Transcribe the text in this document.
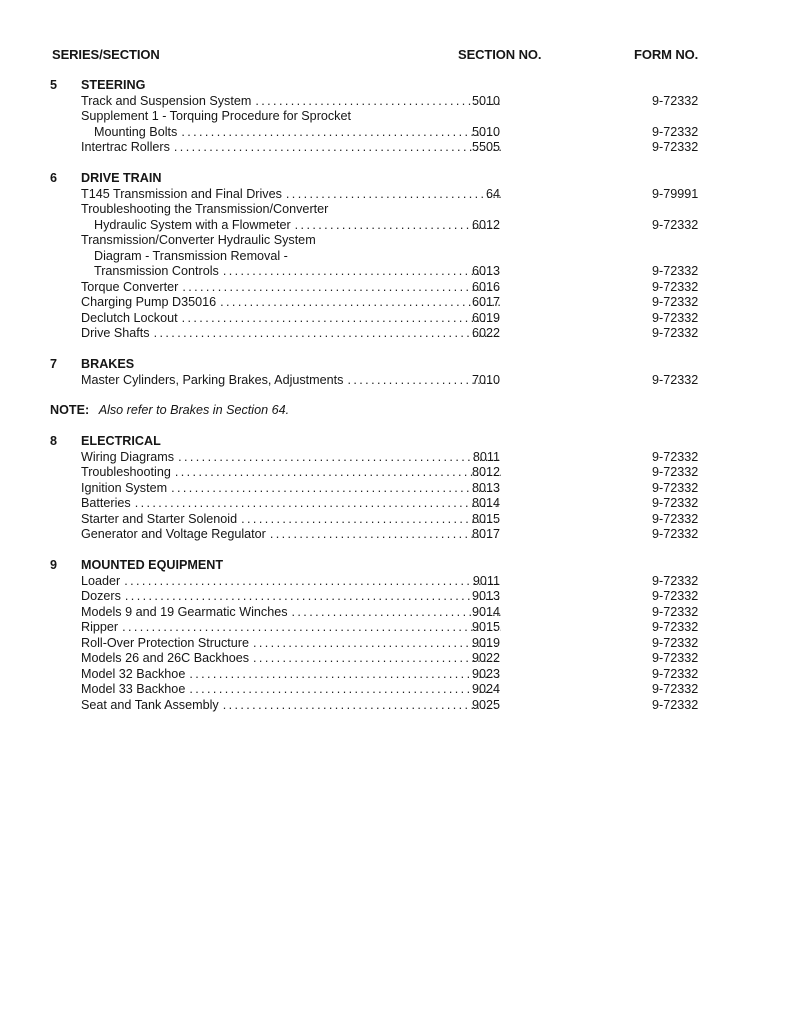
SERIES/SECTION	SECTION NO.	FORM NO.
5 STEERING
Track and Suspension System .....	5010	9-72332
Supplement 1 - Torquing Procedure for Sprocket
Mounting Bolts .....	5010	9-72332
Intertrac Rollers .....	5505	9-72332
6 DRIVE TRAIN
T145 Transmission and Final Drives .....	64	9-79991
Troubleshooting the Transmission/Converter
Hydraulic System with a Flowmeter .....	6012	9-72332
Transmission/Converter Hydraulic System
Diagram - Transmission Removal -
Transmission Controls .....	6013	9-72332
Torque Converter .....	6016	9-72332
Charging Pump D35016 .....	6017	9-72332
Declutch Lockout .....	6019	9-72332
Drive Shafts .....	6022	9-72332
7 BRAKES
Master Cylinders, Parking Brakes, Adjustments .....	7010	9-72332
8 ELECTRICAL
Wiring Diagrams .....	8011	9-72332
Troubleshooting .....	8012	9-72332
Ignition System .....	8013	9-72332
Batteries .....	8014	9-72332
Starter and Starter Solenoid .....	8015	9-72332
Generator and Voltage Regulator .....	8017	9-72332
9 MOUNTED EQUIPMENT
Loader .....	9011	9-72332
Dozers .....	9013	9-72332
Models 9 and 19 Gearmatic Winches .....	9014	9-72332
Ripper .....	9015	9-72332
Roll-Over Protection Structure .....	9019	9-72332
Models 26 and 26C Backhoes .....	9022	9-72332
Model 32 Backhoe .....	9023	9-72332
Model 33 Backhoe .....	9024	9-72332
Seat and Tank Assembly .....	9025	9-72332
NOTE: Also refer to Brakes in Section 64.
